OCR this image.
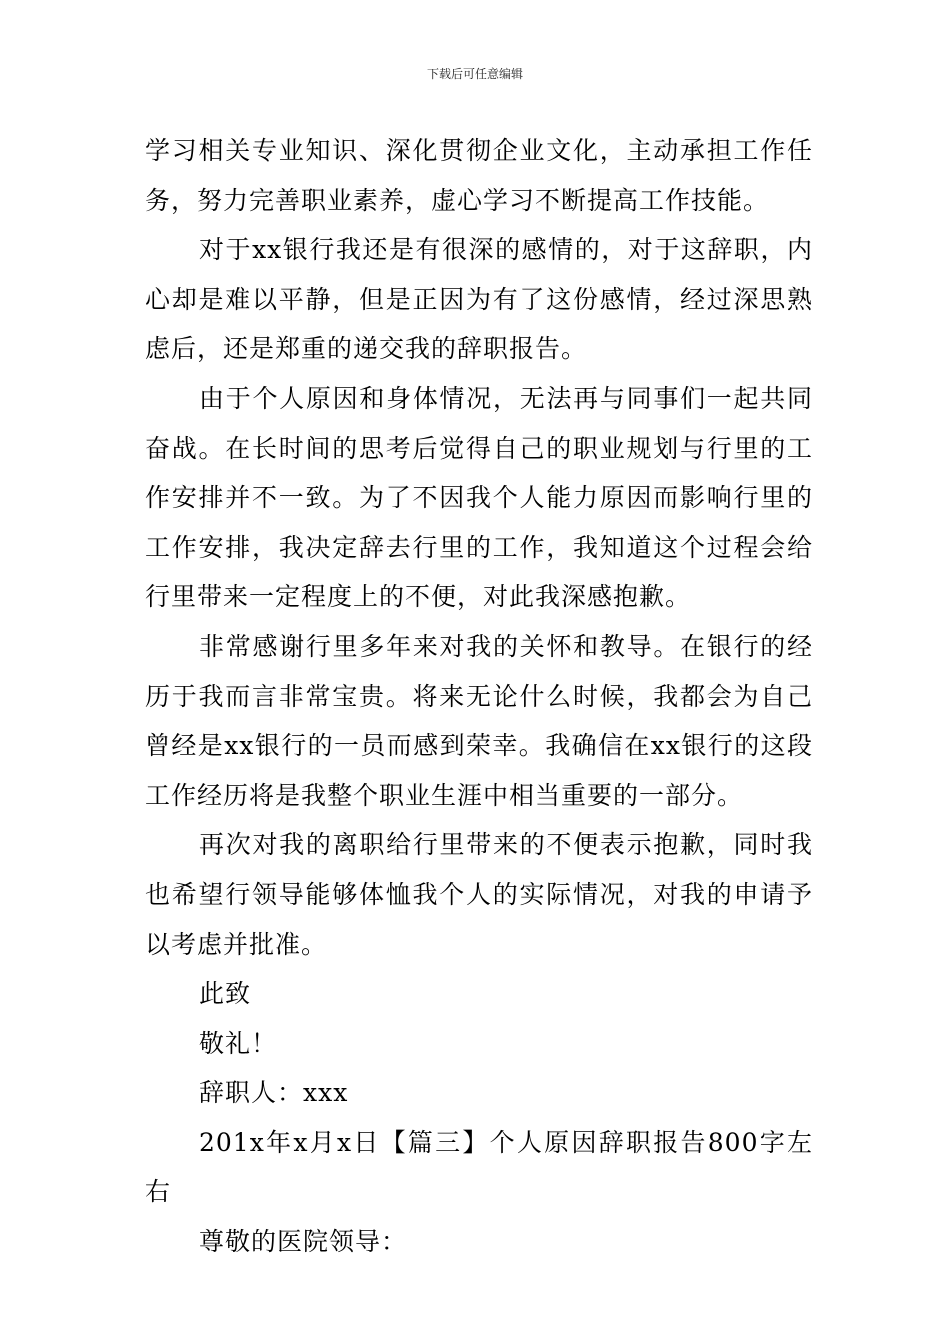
下载后可任意编辑

学习相关专业知识、深化贯彻企业文化，主动承担工作任务，努力完善职业素养，虚心学习不断提高工作技能。

对于xx银行我还是有很深的感情的，对于这辞职，内心却是难以平静，但是正因为有了这份感情，经过深思熟虑后，还是郑重的递交我的辞职报告。

由于个人原因和身体情况，无法再与同事们一起共同奋战。在长时间的思考后觉得自己的职业规划与行里的工作安排并不一致。为了不因我个人能力原因而影响行里的工作安排，我决定辞去行里的工作，我知道这个过程会给行里带来一定程度上的不便，对此我深感抱歉。

非常感谢行里多年来对我的关怀和教导。在银行的经历于我而言非常宝贵。将来无论什么时候，我都会为自己曾经是xx银行的一员而感到荣幸。我确信在xx银行的这段工作经历将是我整个职业生涯中相当重要的一部分。

再次对我的离职给行里带来的不便表示抱歉，同时我也希望行领导能够体恤我个人的实际情况，对我的申请予以考虑并批准。

此致

敬礼！

辞职人：xxx

201x年x月x日【篇三】个人原因辞职报告800字左右

尊敬的医院领导：
